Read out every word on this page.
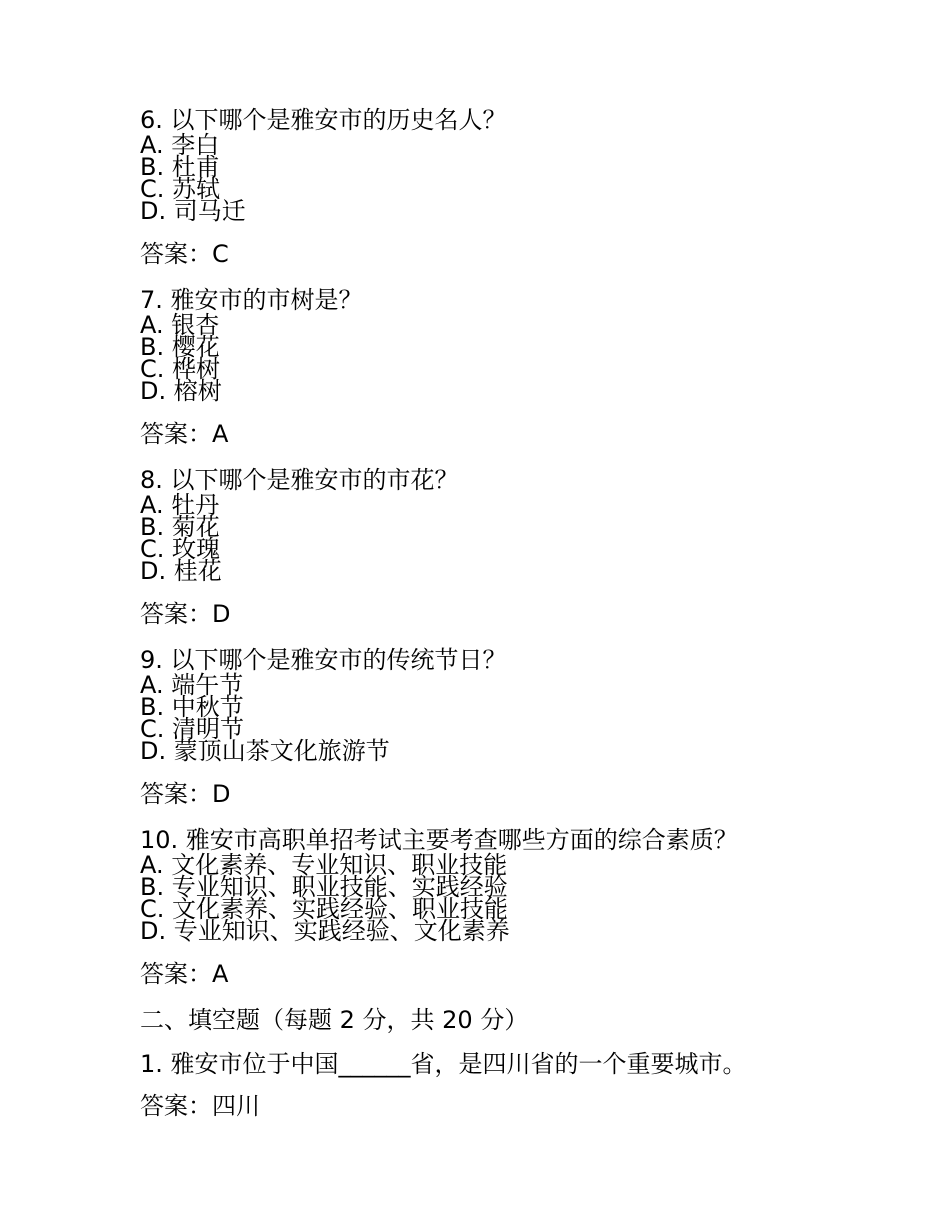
6. 以下哪个是雅安市的历史名人？
A. 李白
B. 杜甫
C. 苏轼
D. 司马迁
答案：C
7. 雅安市的市树是？
A. 银杏
B. 樱花
C. 桦树
D. 榕树
答案：A
8. 以下哪个是雅安市的市花？
A. 牡丹
B. 菊花
C. 玫瑰
D. 桂花
答案：D
9. 以下哪个是雅安市的传统节日？
A. 端午节
B. 中秋节
C. 清明节
D. 蒙顶山茶文化旅游节
答案：D
10. 雅安市高职单招考试主要考查哪些方面的综合素质？
A. 文化素养、专业知识、职业技能
B. 专业知识、职业技能、实践经验
C. 文化素养、实践经验、职业技能
D. 专业知识、实践经验、文化素养
答案：A
二、填空题（每题 2 分，共 20 分）
1. 雅安市位于中国______省，是四川省的一个重要城市。
答案：四川
